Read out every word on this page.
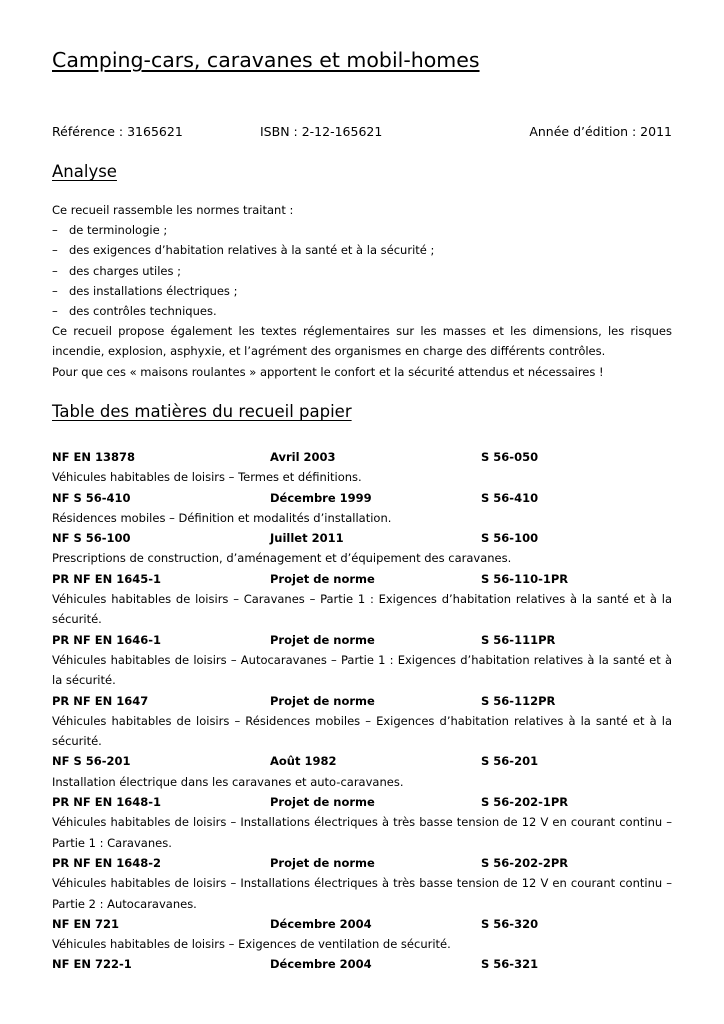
Camping-cars, caravanes et mobil-homes
Référence : 3165621	ISBN : 2-12-165621	Année d’édition : 2011
Analyse

Ce recueil rassemble les normes traitant :

– de terminologie ;
– des exigences d’habitation relatives à la santé et à la sécurité ;
– des charges utiles ;
– des installations électriques ;
– des contrôles techniques.

Ce recueil propose également les textes réglementaires sur les masses et les dimensions, les risques incendie, explosion, asphyxie, et l’agrément des organismes en charge des différents contrôles.

Pour que ces « maisons roulantes » apportent le confort et la sécurité attendus et nécessaires !

Table des matières du recueil papier
NF EN 13878	Avril 2003	S 56-050
Véhicules habitables de loisirs – Termes et définitions.
NF S 56-410	Décembre 1999	S 56-410
Résidences mobiles – Définition et modalités d’installation.
NF S 56-100	Juillet 2011	S 56-100
Prescriptions de construction, d’aménagement et d’équipement des caravanes.
PR NF EN 1645-1	Projet de norme	S 56-110-1PR
Véhicules habitables de loisirs – Caravanes – Partie 1 : Exigences d’habitation relatives à la santé et à la sécurité.
PR NF EN 1646-1	Projet de norme	S 56-111PR
Véhicules habitables de loisirs – Autocaravanes – Partie 1 : Exigences d’habitation relatives à la santé et à la sécurité.
PR NF EN 1647	Projet de norme	S 56-112PR
Véhicules habitables de loisirs – Résidences mobiles – Exigences d’habitation relatives à la santé et à la sécurité.
NF S 56-201	Août 1982	S 56-201
Installation électrique dans les caravanes et auto-caravanes.
PR NF EN 1648-1	Projet de norme	S 56-202-1PR
Véhicules habitables de loisirs – Installations électriques à très basse tension de 12 V en courant continu – Partie 1 : Caravanes.
PR NF EN 1648-2	Projet de norme	S 56-202-2PR
Véhicules habitables de loisirs – Installations électriques à très basse tension de 12 V en courant continu – Partie 2 : Autocaravanes.
NF EN 721	Décembre 2004	S 56-320
Véhicules habitables de loisirs – Exigences de ventilation de sécurité.
NF EN 722-1	Décembre 2004	S 56-321
